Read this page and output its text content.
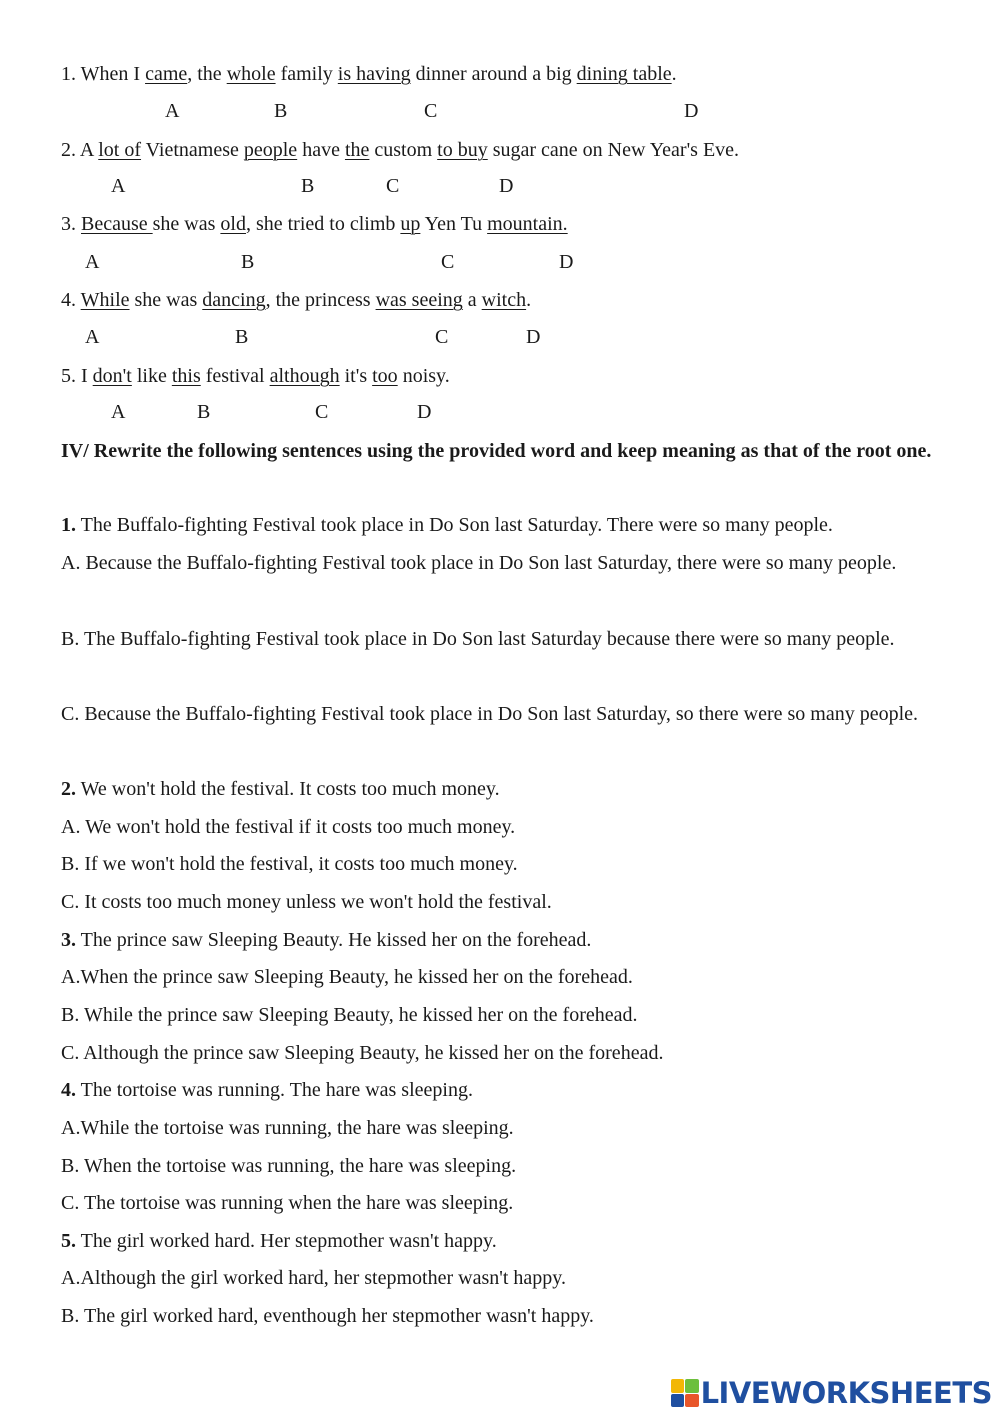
1. When I came, the whole family is having dinner around a big dining table.
A	B	C	D
2. A lot of Vietnamese people have the custom to buy sugar cane on New Year's Eve.
A	B	C	D
3. Because she was old, she tried to climb up Yen Tu mountain.
A	B	C	D
4. While she was dancing, the princess was seeing a witch.
A	B	C	D
5. I don't like this festival although it's too noisy.
A	B	C	D
IV/ Rewrite the following sentences using the provided word and keep meaning as that of the root one.
1. The Buffalo-fighting Festival took place in Do Son last Saturday. There were so many people.
A. Because the Buffalo-fighting Festival took place in Do Son last Saturday, there were so many people.
B. The Buffalo-fighting Festival took place in Do Son last Saturday because there were so many people.
C. Because the Buffalo-fighting Festival took place in Do Son last Saturday, so there were so many people.
2. We won't hold the festival. It costs too much money.
A. We won't hold the festival if it costs too much money.
B. If we won't hold the festival, it costs too much money.
C. It costs too much money unless we won't hold the festival.
3. The prince saw Sleeping Beauty. He kissed her on the forehead.
A.When the prince saw Sleeping Beauty, he kissed her on the forehead.
B. While the prince saw Sleeping Beauty, he kissed her on the forehead.
C. Although the prince saw Sleeping Beauty, he kissed her on the forehead.
4. The tortoise was running. The hare was sleeping.
A.While the tortoise was running, the hare was sleeping.
B. When the tortoise was running, the hare was sleeping.
C. The tortoise was running when the hare was sleeping.
5. The girl worked hard. Her stepmother wasn't happy.
A.Although the girl worked hard, her stepmother wasn't happy.
B. The girl worked hard, eventhough her stepmother wasn't happy.
LIVEWORKSHEETS
